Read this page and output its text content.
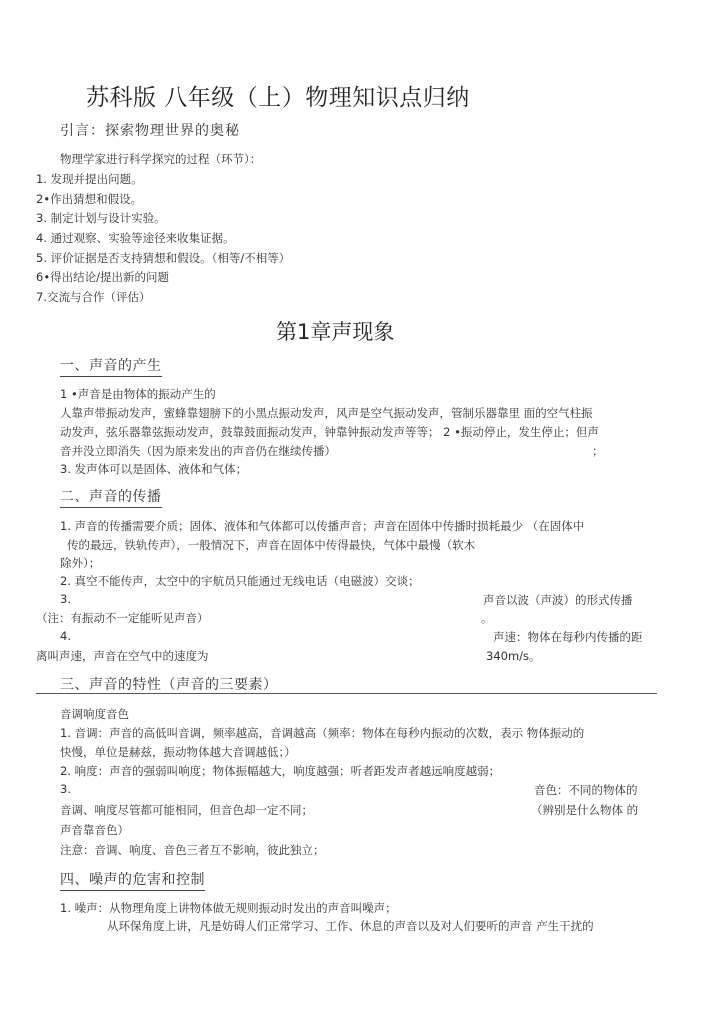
苏科版 八年级（上）物理知识点归纳
引言：探索物理世界的奥秘
物理学家进行科学探究的过程（环节）：
1. 发现并提出问题。
2•作出猜想和假设。
3. 制定计划与设计实验。
4. 通过观察、实验等途径来收集证据。
5. 评价证据是否支持猜想和假设。（相等/不相等）
6•得出结论/提出新的问题
7.交流与合作（评估）
第1章声现象
一、声音的产生
1 •声音是由物体的振动产生的
人靠声带振动发声，蜜蜂靠翅膀下的小黑点振动发声，风声是空气振动发声，管制乐器靠里 面的空气柱振
动发声，弦乐器靠弦振动发声，鼓靠鼓面振动发声，钟靠钟振动发声等等； 2 •振动停止，发生停止；但声
音并没立即消失（因为原来发出的声音仍在继续传播）	；
3. 发声体可以是固体、液体和气体；
二、声音的传播
1. 声音的传播需要介质；固体、液体和气体都可以传播声音；声音在固体中传播时损耗最少 （在固体中
传的最远，铁轨传声），一般情况下，声音在固体中传得最快，气体中最慢（软木
除外）；
2. 真空不能传声，太空中的宇航员只能通过无线电话（电磁波）交谈；
3.	声音以波（声波）的形式传播
（注：有振动不一定能听见声音）	。
4.	声速：物体在每秒内传播的距
离叫声速，声音在空气中的速度为	340m/s。
三、声音的特性（声音的三要素）
音调响度音色
1. 音调：声音的高低叫音调，频率越高，音调越高（频率：物体在每秒内振动的次数，表示 物体振动的
快慢，单位是赫兹，振动物体越大音调越低；）
2. 响度：声音的强弱叫响度；物体振幅越大，响度越强；听者距发声者越远响度越弱；
3.	音色：不同的物体的
音调、响度尽管都可能相同，但音色却一定不同；	（辨别是什么物体 的
声音靠音色）
注意：音调、响度、音色三者互不影响，彼此独立；
四、噪声的危害和控制
1. 噪声：从物理角度上讲物体做无规则振动时发出的声音叫噪声；
从环保角度上讲，凡是妨碍人们正常学习、工作、休息的声音以及对人们要听的声音 产生干扰的
